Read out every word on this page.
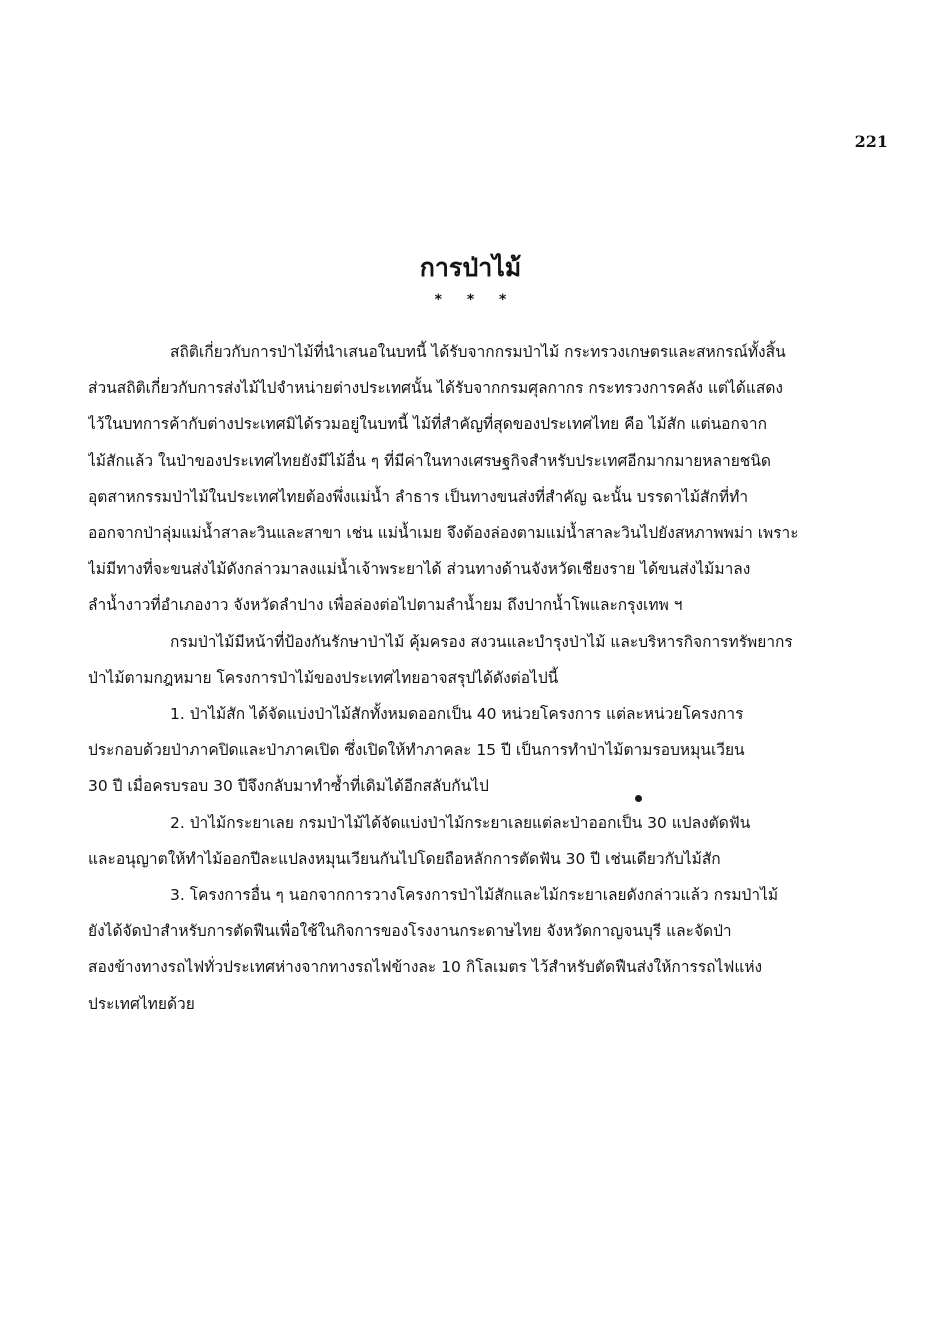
221
การป่าไม้
* * *

สถิติเกี่ยวกับการป่าไม้ที่นำเสนอในบทนี้ ได้รับจากกรมป่าไม้ กระทรวงเกษตรและสหกรณ์ทั้งสิ้น
ส่วนสถิติเกี่ยวกับการส่งไม้ไปจำหน่ายต่างประเทศนั้น ได้รับจากกรมศุลกากร กระทรวงการคลัง แต่ได้แสดง
ไว้ในบทการค้ากับต่างประเทศมิได้รวมอยู่ในบทนี้ ไม้ที่สำคัญที่สุดของประเทศไทย คือ ไม้สัก แต่นอกจาก
ไม้สักแล้ว ในป่าของประเทศไทยยังมีไม้อื่น ๆ ที่มีค่าในทางเศรษฐกิจสำหรับประเทศอีกมากมายหลายชนิด
อุตสาหกรรมป่าไม้ในประเทศไทยต้องพึ่งแม่น้ำ ลำธาร เป็นทางขนส่งที่สำคัญ ฉะนั้น บรรดาไม้สักที่ทำ
ออกจากป่าลุ่มแม่น้ำสาละวินและสาขา เช่น แม่น้ำเมย จึงต้องล่องตามแม่น้ำสาละวินไปยังสหภาพพม่า เพราะ
ไม่มีทางที่จะขนส่งไม้ดังกล่าวมาลงแม่น้ำเจ้าพระยาได้ ส่วนทางด้านจังหวัดเชียงราย ได้ขนส่งไม้มาลง
ลำน้ำงาวที่อำเภองาว จังหวัดลำปาง เพื่อล่องต่อไปตามลำน้ำยม ถึงปากน้ำโพและกรุงเทพ ฯ

กรมป่าไม้มีหน้าที่ป้องกันรักษาป่าไม้ คุ้มครอง สงวนและบำรุงป่าไม้ และบริหารกิจการทรัพยากร
ป่าไม้ตามกฎหมาย โครงการป่าไม้ของประเทศไทยอาจสรุปได้ดังต่อไปนี้

1. ป่าไม้สัก ได้จัดแบ่งป่าไม้สักทั้งหมดออกเป็น 40 หน่วยโครงการ แต่ละหน่วยโครงการ
ประกอบด้วยป่าภาคปิดและป่าภาคเปิด ซึ่งเปิดให้ทำภาคละ 15 ปี เป็นการทำป่าไม้ตามรอบหมุนเวียน
30 ปี เมื่อครบรอบ 30 ปีจึงกลับมาทำซ้ำที่เดิมได้อีกสลับกันไป

2. ป่าไม้กระยาเลย กรมป่าไม้ได้จัดแบ่งป่าไม้กระยาเลยแต่ละป่าออกเป็น 30 แปลงตัดฟัน
และอนุญาตให้ทำไม้ออกปีละแปลงหมุนเวียนกันไปโดยถือหลักการตัดฟัน 30 ปี เช่นเดียวกับไม้สัก

3. โครงการอื่น ๆ นอกจากการวางโครงการป่าไม้สักและไม้กระยาเลยดังกล่าวแล้ว กรมป่าไม้
ยังได้จัดป่าสำหรับการตัดฟืนเพื่อใช้ในกิจการของโรงงานกระดาษไทย จังหวัดกาญจนบุรี และจัดป่า
สองข้างทางรถไฟทั่วประเทศห่างจากทางรถไฟข้างละ 10 กิโลเมตร ไว้สำหรับตัดฟืนส่งให้การรถไฟแห่ง
ประเทศไทยด้วย
